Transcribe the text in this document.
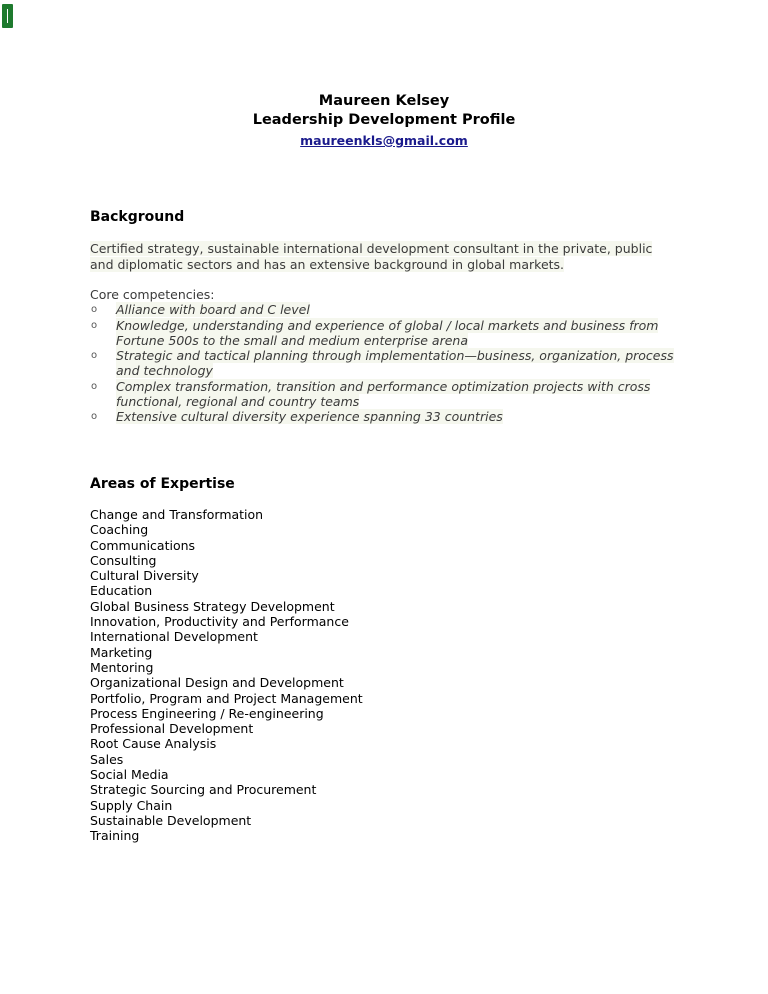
Maureen Kelsey
Leadership Development Profile
maureenkls@gmail.com
Background
Certified strategy, sustainable international development consultant in the private, public
and diplomatic sectors and has an extensive background in global markets.
Core competencies:
o Alliance with board and C level
o Knowledge, understanding and experience of global / local markets and business from
Fortune 500s to the small and medium enterprise arena
o Strategic and tactical planning through implementation—business, organization, process
and technology
o Complex transformation, transition and performance optimization projects with cross
functional, regional and country teams
o Extensive cultural diversity experience spanning 33 countries
Areas of Expertise
Change and Transformation
Coaching
Communications
Consulting
Cultural Diversity
Education
Global Business Strategy Development
Innovation, Productivity and Performance
International Development
Marketing
Mentoring
Organizational Design and Development
Portfolio, Program and Project Management
Process Engineering / Re-engineering
Professional Development
Root Cause Analysis
Sales
Social Media
Strategic Sourcing and Procurement
Supply Chain
Sustainable Development
Training
